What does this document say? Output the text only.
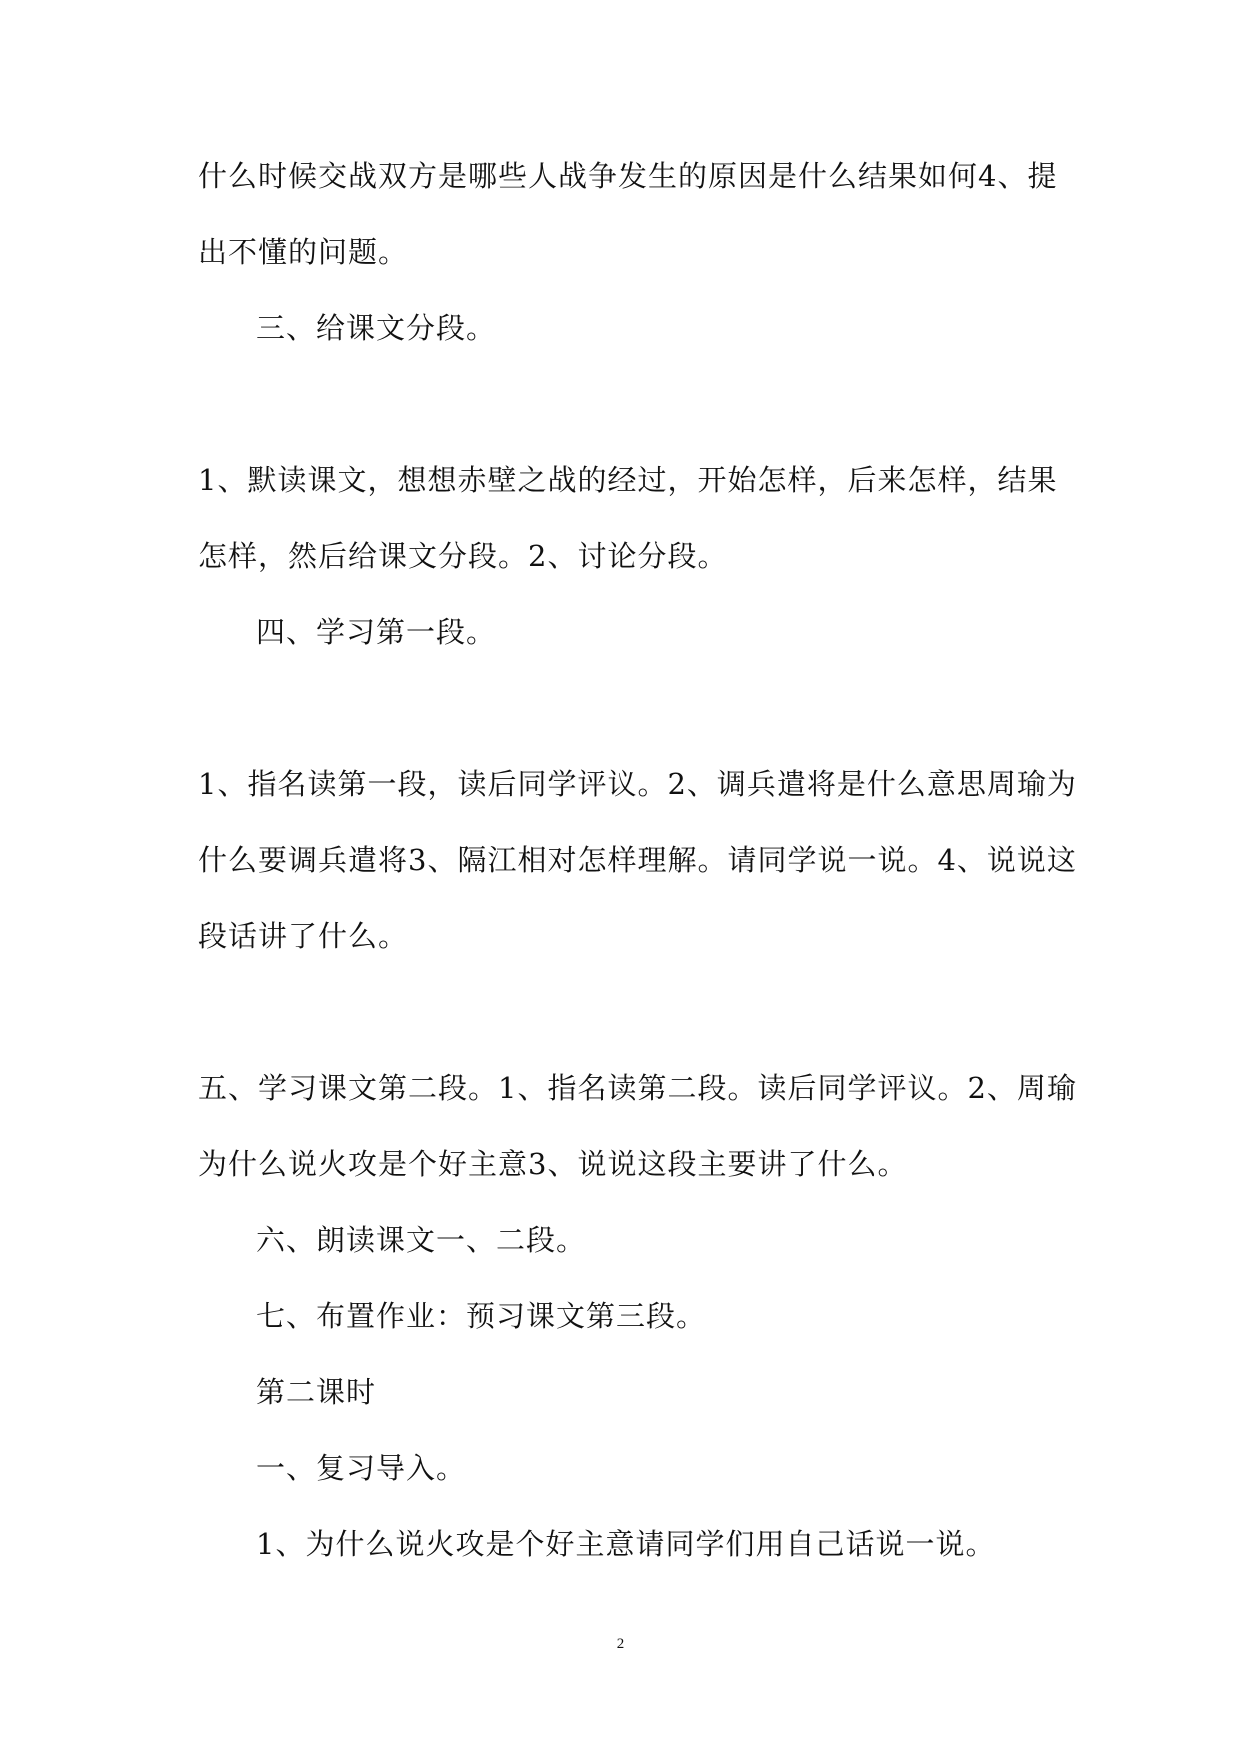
什么时候交战双方是哪些人战争发生的原因是什么结果如何4、提
出不懂的问题。
三、给课文分段。
1、默读课文，想想赤壁之战的经过，开始怎样，后来怎样，结果
怎样，然后给课文分段。2、讨论分段。
四、学习第一段。
1、指名读第一段，读后同学评议。2、调兵遣将是什么意思周瑜为
什么要调兵遣将3、隔江相对怎样理解。请同学说一说。4、说说这
段话讲了什么。
五、学习课文第二段。1、指名读第二段。读后同学评议。2、周瑜
为什么说火攻是个好主意3、说说这段主要讲了什么。
六、朗读课文一、二段。
七、布置作业：预习课文第三段。
第二课时
一、复习导入。
1、为什么说火攻是个好主意请同学们用自己话说一说。
2
